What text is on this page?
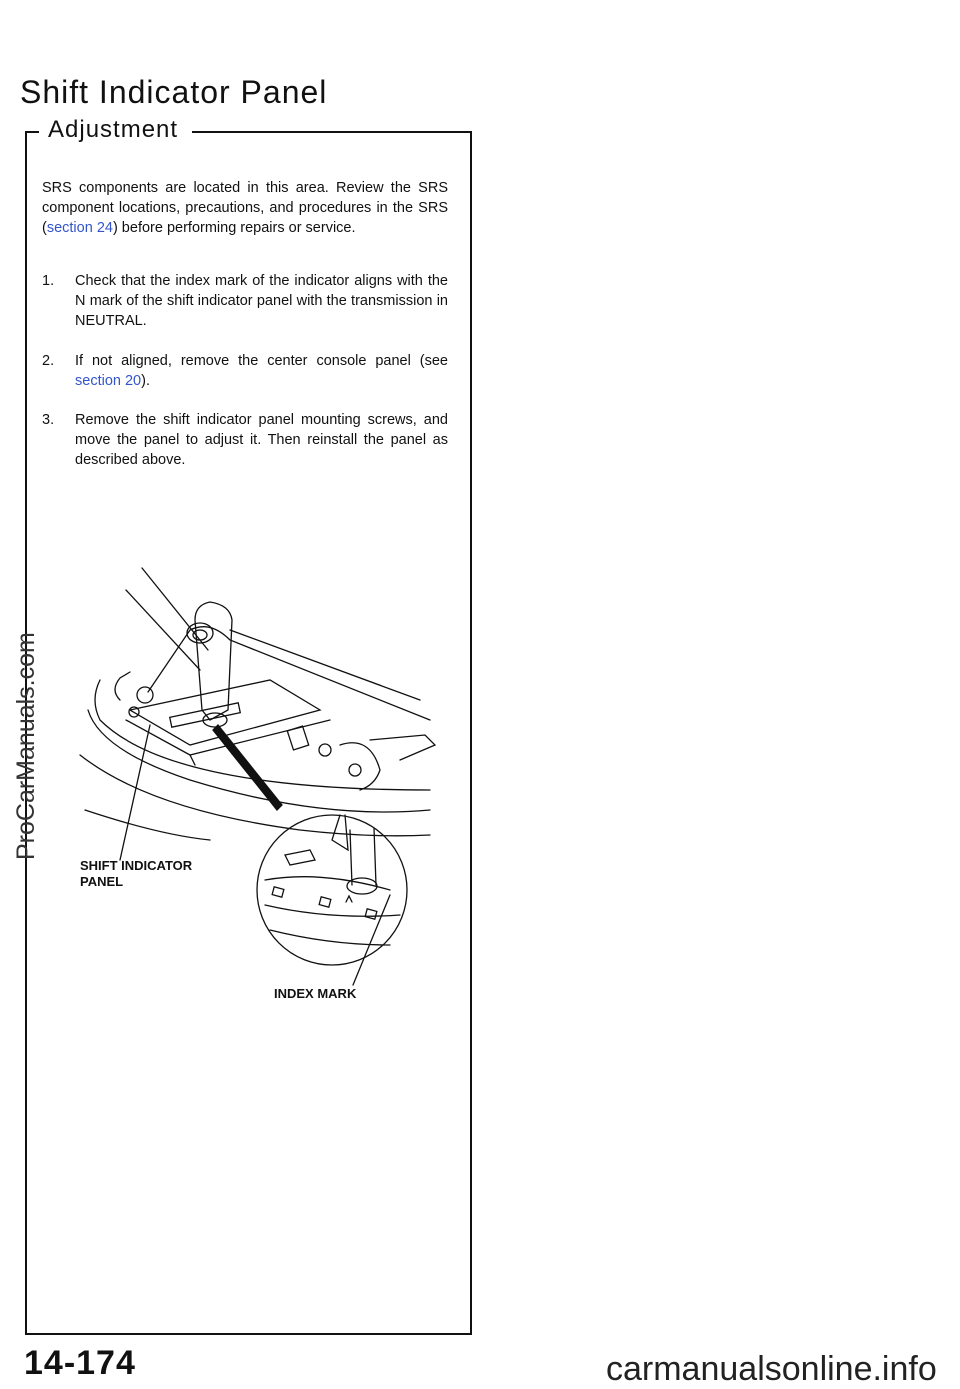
Shift Indicator Panel
Adjustment
SRS components are located in this area. Review the SRS component locations, precautions, and procedures in the SRS (section 24) before performing repairs or service.
1.	Check that the index mark of the indicator aligns with the N mark of the shift indicator panel with the transmission in NEUTRAL.
2.	If not aligned, remove the center console panel (see section 20).
3.	Remove the shift indicator panel mounting screws, and move the panel to adjust it. Then reinstall the panel as described above.
ProCarManuals.com
SHIFT INDICATOR
PANEL
INDEX MARK
14-174	carmanualsonline.info
